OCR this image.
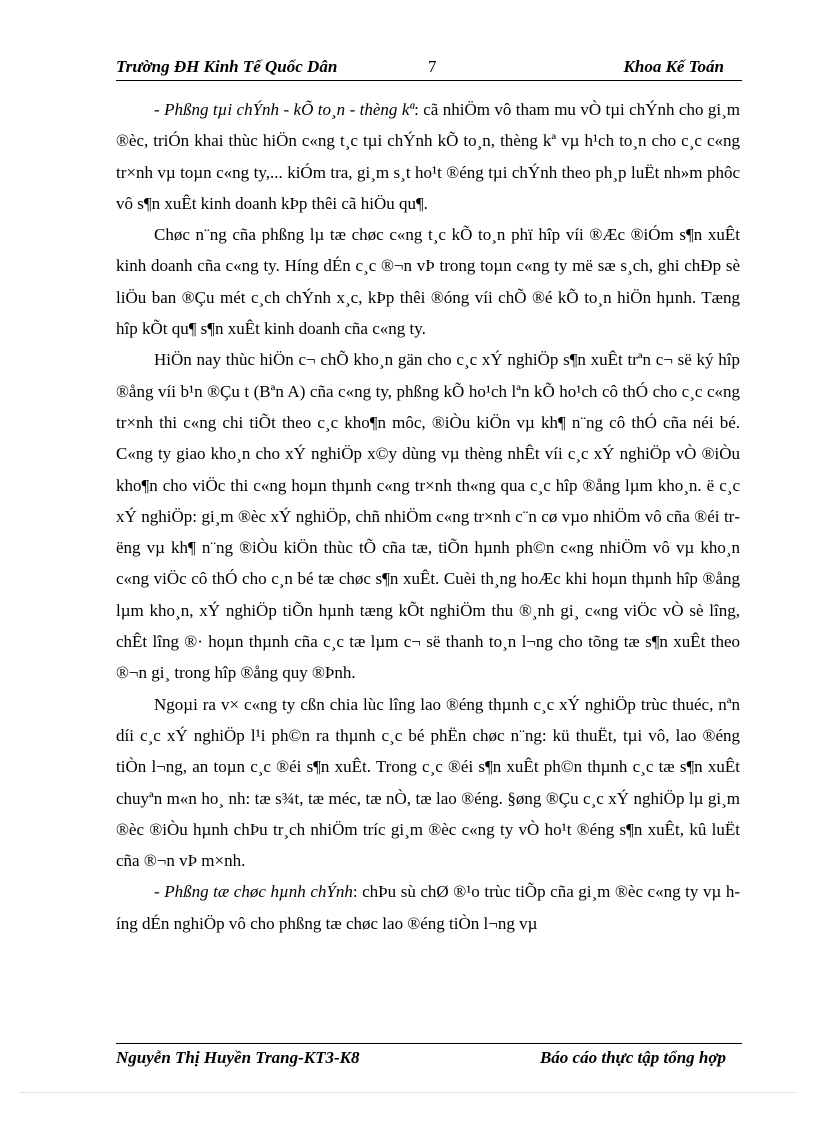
Trường ĐH Kinh Tế Quốc Dân	7	Khoa Kế Toán

- Phßng tµi chÝnh - kÕ to¸n - thèng kª: cã nhiÖm vô tham mu vÒ tµi chÝnh cho gi¸m ®èc, triÓn khai thùc hiÖn c«ng t¸c tµi chÝnh kÕ to¸n, thèng kª vµ h¹ch to¸n cho c¸c c«ng tr×nh vµ toµn c«ng ty,... kiÓm tra, gi¸m s¸t ho¹t ®éng tµi chÝnh theo ph¸p luËt nh»m phôc vô s¶n xuÊt kinh doanh kÞp thêi cã hiÖu qu¶.

Chøc n¨ng cña phßng lµ tæ chøc c«ng t¸c kÕ to¸n phï hîp víi ®Æc ®iÓm s¶n xuÊt kinh doanh cña c«ng ty. Híng dÉn c¸c ®¬n vÞ trong toµn c«ng ty më sæ s¸ch, ghi chÐp sè liÖu ban ®Çu mét c¸ch chÝnh x¸c, kÞp thêi ®óng víi chÕ ®é kÕ to¸n hiÖn hµnh. Tæng hîp kÕt qu¶ s¶n xuÊt kinh doanh cña c«ng ty.

HiÖn nay thùc hiÖn c¬ chÕ kho¸n gän cho c¸c xÝ nghiÖp s¶n xuÊt trªn c¬ së ký hîp ®ång víi b¹n ®Çu t (Bªn A) cña c«ng ty, phßng kÕ ho¹ch lªn kÕ ho¹ch cô thÓ cho c¸c c«ng tr×nh thi c«ng chi tiÕt theo c¸c kho¶n môc, ®iÒu kiÖn vµ kh¶ n¨ng cô thÓ cña néi bé. C«ng ty giao kho¸n cho xÝ nghiÖp x©y dùng vµ thèng nhÊt víi c¸c xÝ nghiÖp vÒ ®iÒu kho¶n cho viÖc thi c«ng hoµn thµnh c«ng tr×nh th«ng qua c¸c hîp ®ång lµm kho¸n. ë c¸c xÝ nghiÖp: gi¸m ®èc xÝ nghiÖp, chñ nhiÖm c«ng tr×nh c¨n cø vµo nhiÖm vô cña ®éi trëng vµ kh¶ n¨ng ®iÒu kiÖn thùc tÕ cña tæ, tiÕn hµnh ph©n c«ng nhiÖm vô vµ kho¸n c«ng viÖc cô thÓ cho c¸n bé tæ chøc s¶n xuÊt. Cuèi th¸ng hoÆc khi hoµn thµnh hîp ®ång lµm kho¸n, xÝ nghiÖp tiÕn hµnh tæng kÕt nghiÖm thu ®¸nh gi¸ c«ng viÖc vÒ sè lîng, chÊt lîng ®· hoµn thµnh cña c¸c tæ lµm c¬ së thanh to¸n l¬ng cho tõng tæ s¶n xuÊt theo ®¬n gi¸ trong hîp ®ång quy ®Þnh.

Ngoµi ra v× c«ng ty cßn chia lùc lîng lao ®éng thµnh c¸c xÝ nghiÖp trùc thuéc, nªn díi c¸c xÝ nghiÖp l¹i ph©n ra thµnh c¸c bé phËn chøc n¨ng: kü thuËt, tµi vô, lao ®éng tiÒn l¬ng, an toµn c¸c ®éi s¶n xuÊt. Trong c¸c ®éi s¶n xuÊt ph©n thµnh c¸c tæ s¶n xuÊt chuyªn m«n ho¸ nh: tæ s¾t, tæ méc, tæ nÒ, tæ lao ®éng. §øng ®Çu c¸c xÝ nghiÖp lµ gi¸m ®èc ®iÒu hµnh chÞu tr¸ch nhiÖm tríc gi¸m ®èc c«ng ty vÒ ho¹t ®éng s¶n xuÊt, kû luËt cña ®¬n vÞ m×nh.

- Phßng tæ chøc hµnh chÝnh: chÞu sù chØ ®¹o trùc tiÕp cña gi¸m ®èc c«ng ty vµ híng dÉn nghiÖp vô cho phßng tæ chøc lao ®éng tiÒn l¬ng vµ

Nguyễn Thị Huyền Trang-KT3-K8	Báo cáo thực tập tổng hợp
